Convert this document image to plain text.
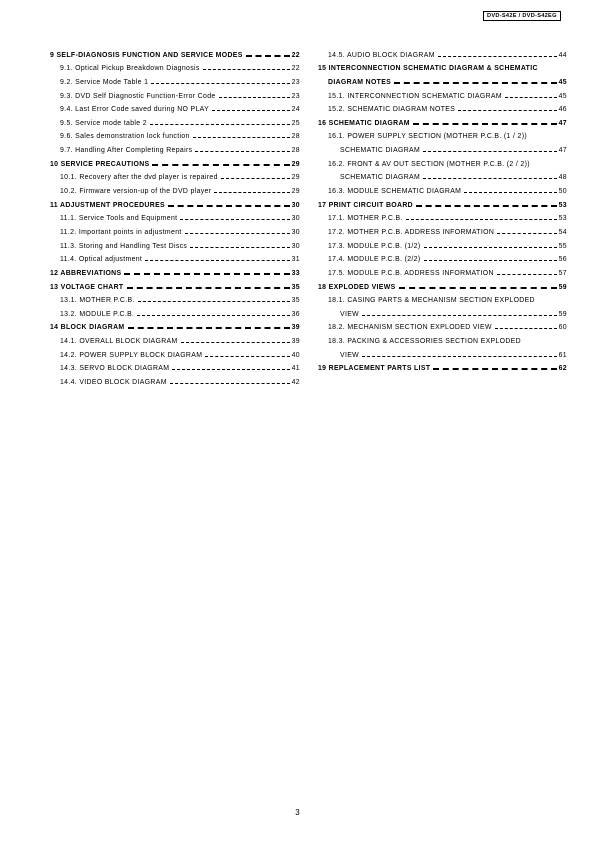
DVD-S42E / DVD-S42EG
9 SELF-DIAGNOSIS FUNCTION AND SERVICE MODES	22
9.1. Optical Pickup Breakdown Diagnosis	22
9.2. Service Mode Table 1	23
9.3. DVD Self Diagnostic Function-Error Code	23
9.4. Last Error Code saved during NO PLAY	24
9.5. Service mode table 2	25
9.6. Sales demonstration lock function	28
9.7. Handling After Completing Repairs	28
10 SERVICE PRECAUTIONS	29
10.1. Recovery after the dvd player is repaired	29
10.2. Firmware version-up of the DVD player	29
11 ADJUSTMENT PROCEDURES	30
11.1. Service Tools and Equipment	30
11.2. Important points in adjustment	30
11.3. Storing and Handling Test Discs	30
11.4. Optical adjustment	31
12 ABBREVIATIONS	33
13 VOLTAGE CHART	35
13.1. MOTHER P.C.B.	35
13.2. MODULE P.C.B.	36
14 BLOCK DIAGRAM	39
14.1. OVERALL BLOCK DIAGRAM	39
14.2. POWER SUPPLY BLOCK DIAGRAM	40
14.3. SERVO BLOCK DIAGRAM	41
14.4. VIDEO BLOCK DIAGRAM	42
14.5. AUDIO BLOCK DIAGRAM	44
15 INTERCONNECTION SCHEMATIC DIAGRAM & SCHEMATIC
DIAGRAM NOTES	45
15.1. INTERCONNECTION SCHEMATIC DIAGRAM	45
15.2. SCHEMATIC DIAGRAM NOTES	46
16 SCHEMATIC DIAGRAM	47
16.1. POWER SUPPLY SECTION (MOTHER P.C.B. (1 / 2))
SCHEMATIC DIAGRAM	47
16.2. FRONT & AV OUT SECTION (MOTHER P.C.B. (2 / 2))
SCHEMATIC DIAGRAM	48
16.3. MODULE SCHEMATIC DIAGRAM	50
17 PRINT CIRCUIT BOARD	53
17.1. MOTHER P.C.B.	53
17.2. MOTHER P.C.B. ADDRESS INFORMATION	54
17.3. MODULE P.C.B. (1/2)	55
17.4. MODULE P.C.B. (2/2)	56
17.5. MODULE P.C.B. ADDRESS INFORMATION	57
18 EXPLODED VIEWS	59
18.1. CASING PARTS & MECHANISM SECTION EXPLODED
VIEW	59
18.2. MECHANISM SECTION EXPLODED VIEW	60
18.3. PACKING & ACCESSORIES SECTION EXPLODED
VIEW	61
19 REPLACEMENT PARTS LIST	62
3
